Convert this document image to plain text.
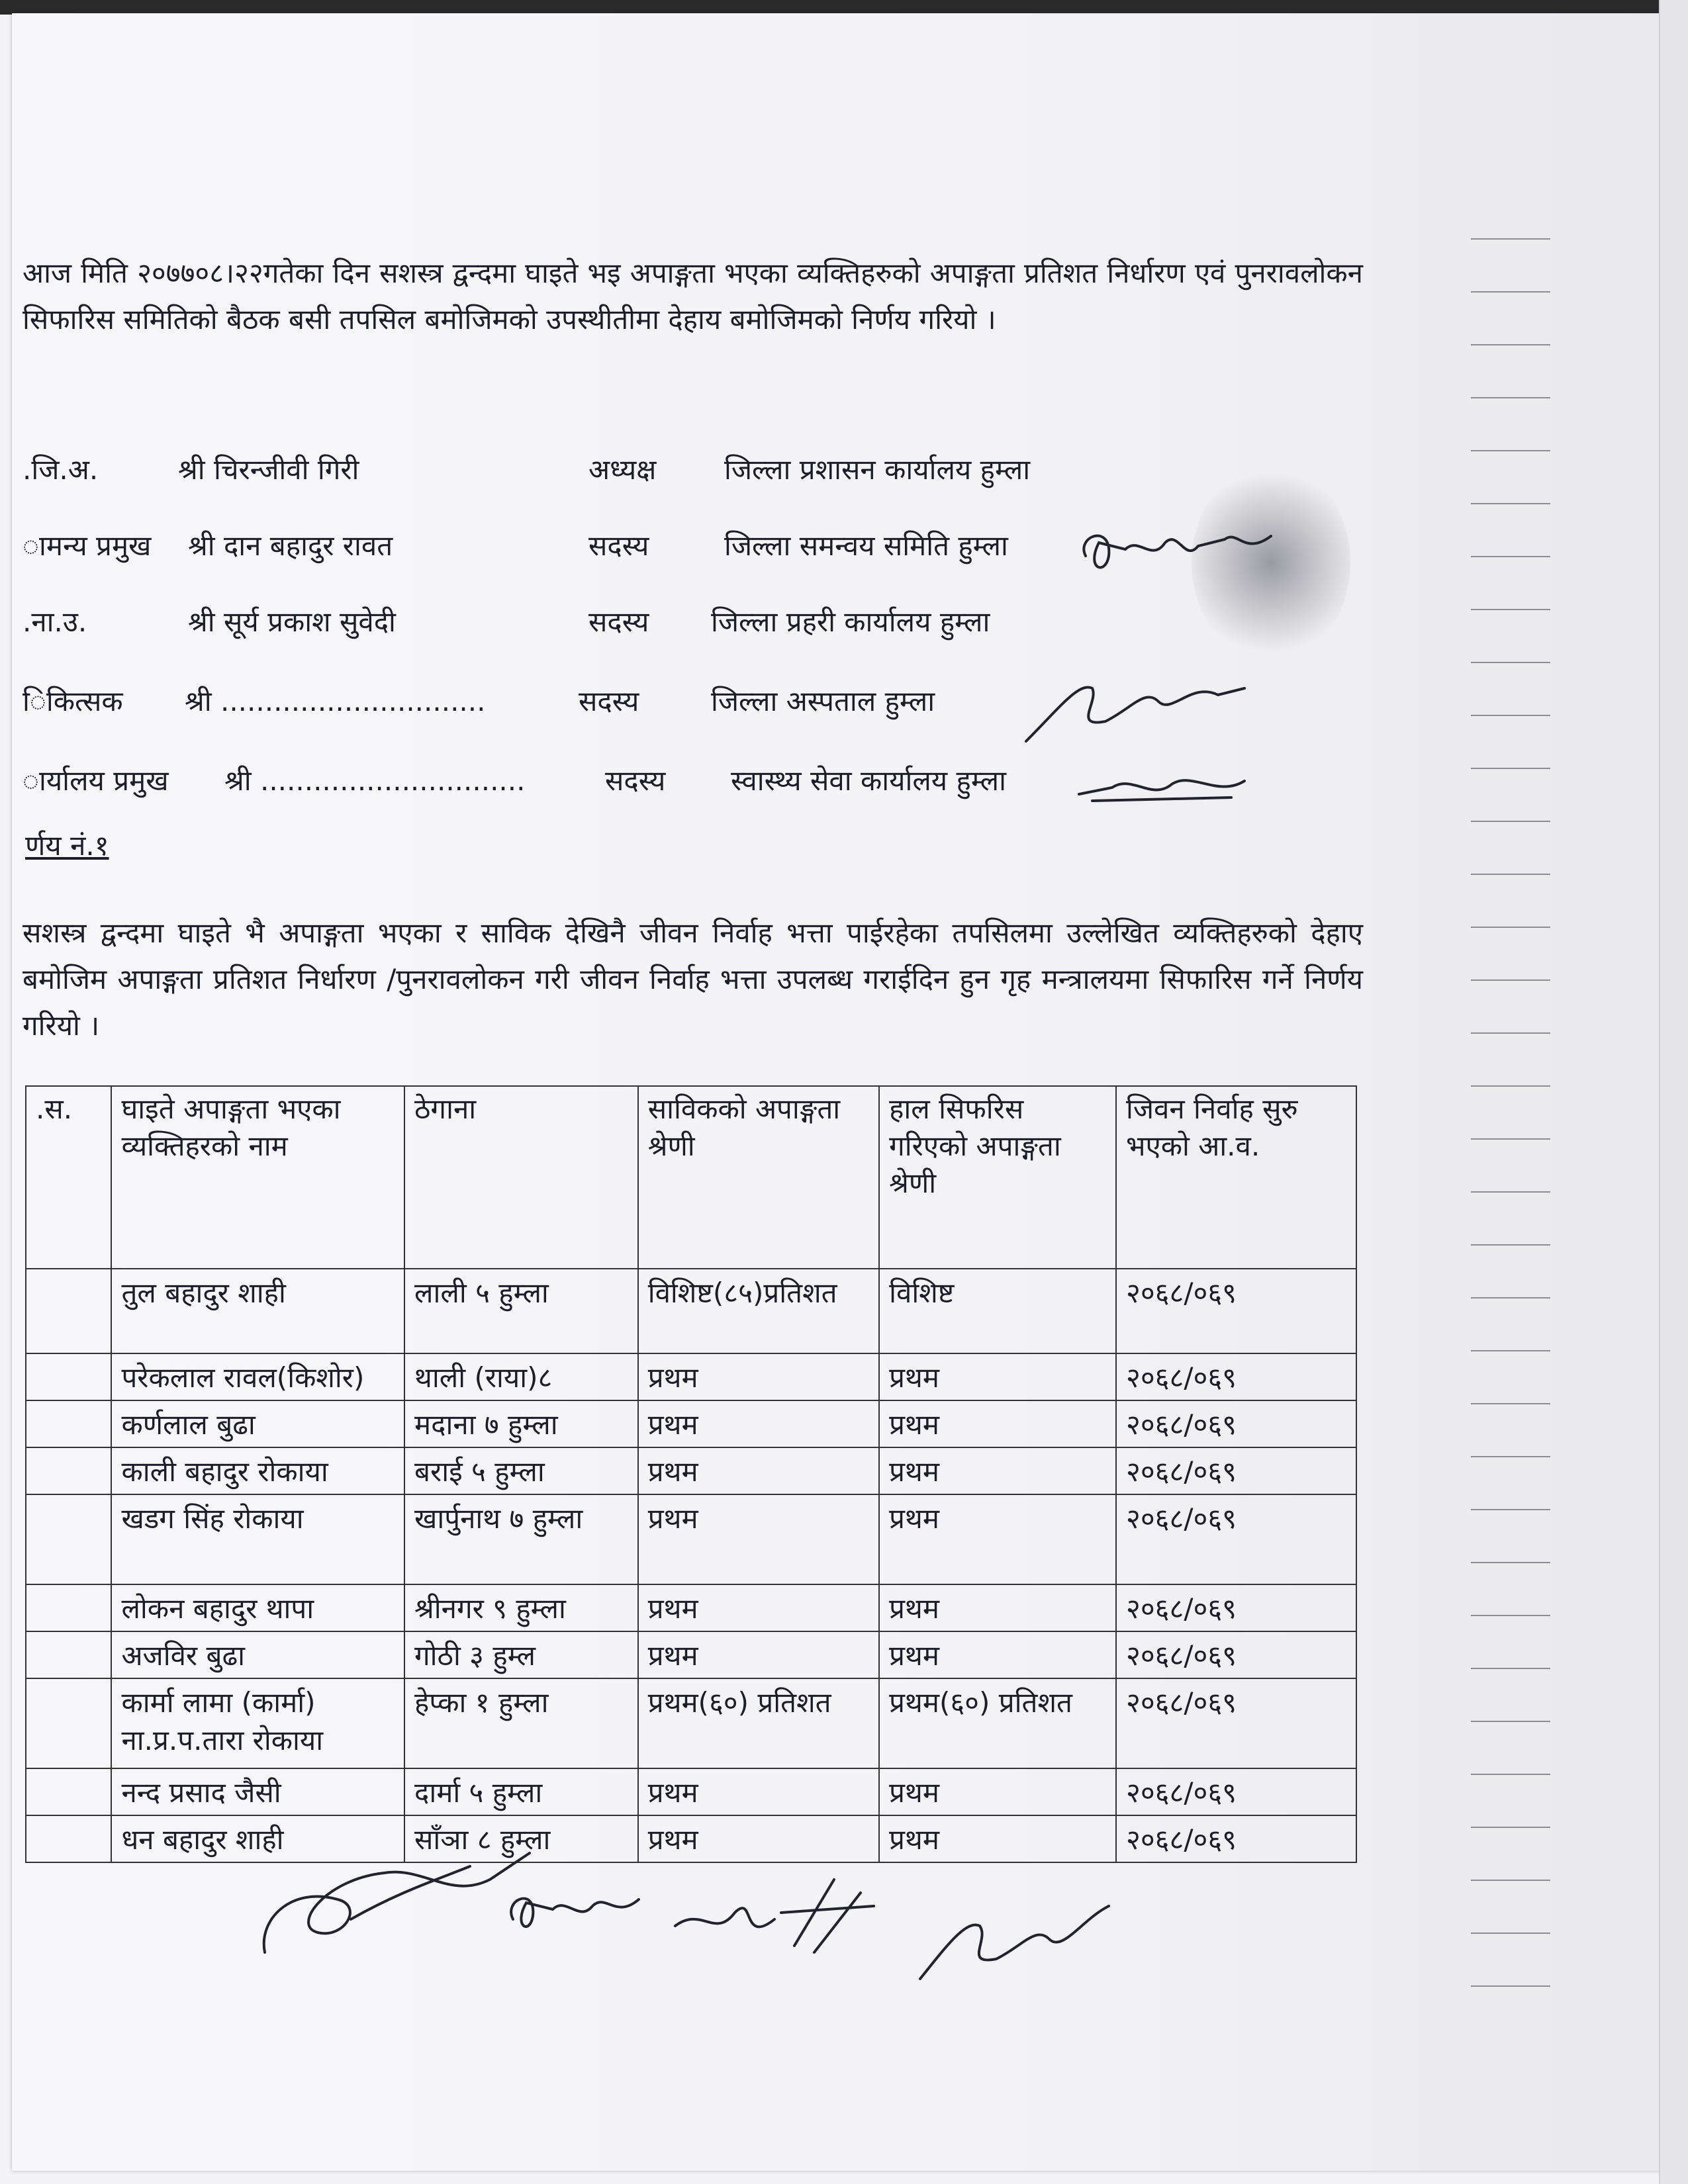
आज मिति २०७७०८।२२गतेका दिन सशस्त्र द्वन्दमा घाइते भइ अपाङ्गता भएका व्यक्तिहरुको अपाङ्गता प्रतिशत निर्धारण एवं पुनरावलोकन सिफारिस समितिको बैठक बसी तपसिल बमोजिमको उपस्थीतीमा देहाय बमोजिमको निर्णय गरियो ।

.जि.अ.	श्री चिरन्जीवी गिरी	अध्यक्ष जिल्ला प्रशासन कार्यालय हुम्ला
ामन्य प्रमुख श्री दान बहादुर रावत	सदस्य	जिल्ला समन्वय समिति हुम्ला
.ना.उ.	श्री सूर्य प्रकाश सुवेदी	सदस्य जिल्ला प्रहरी कार्यालय हुम्ला
िकित्सक श्री ..............................	सदस्य	जिल्ला अस्पताल हुम्ला
ार्यालय प्रमुख श्री ..............................	सदस्य स्वास्थ्य सेवा कार्यालय हुम्ला
र्णय नं.१

सशस्त्र द्वन्दमा घाइते भै अपाङ्गता भएका र साविक देखिनै जीवन निर्वाह भत्ता पाईरहेका तपसिलमा उल्लेखित व्यक्तिहरुको देहाए बमोजिम अपाङ्गता प्रतिशत निर्धारण /पुनरावलोकन गरी जीवन निर्वाह भत्ता उपलब्ध गराईदिन हुन गृह मन्त्रालयमा सिफारिस गर्ने निर्णय गरियो ।

.स.	घाइते अपाङ्गता भएका व्यक्तिहरको नाम	ठेगाना	साविकको अपाङ्गता श्रेणी	हाल सिफरिस गरिएको अपाङ्गता श्रेणी	जिवन निर्वाह सुरु भएको आ.व.
	तुल बहादुर शाही	लाली ५ हुम्ला	विशिष्ट(८५)प्रतिशत	विशिष्ट	२०६८/०६९
	परेकलाल रावल(किशोर)	थाली (राया)८	प्रथम	प्रथम	२०६८/०६९
	कर्णलाल बुढा	मदाना ७ हुम्ला	प्रथम	प्रथम	२०६८/०६९
	काली बहादुर रोकाया	बराई ५ हुम्ला	प्रथम	प्रथम	२०६८/०६९
	खडग सिंह रोकाया	खार्पुनाथ ७ हुम्ला	प्रथम	प्रथम	२०६८/०६९
	लोकन बहादुर थापा	श्रीनगर ९ हुम्ला	प्रथम	प्रथम	२०६८/०६९
	अजविर बुढा	गोठी ३ हुम्ल	प्रथम	प्रथम	२०६८/०६९
	कार्मा लामा (कार्मा) ना.प्र.प.तारा रोकाया	हेप्का १ हुम्ला	प्रथम(६०) प्रतिशत	प्रथम(६०) प्रतिशत	२०६८/०६९
	नन्द प्रसाद जैसी	दार्मा ५ हुम्ला	प्रथम	प्रथम	२०६८/०६९
	धन बहादुर शाही	साँञा ८ हुम्ला	प्रथम	प्रथम	२०६८/०६९
